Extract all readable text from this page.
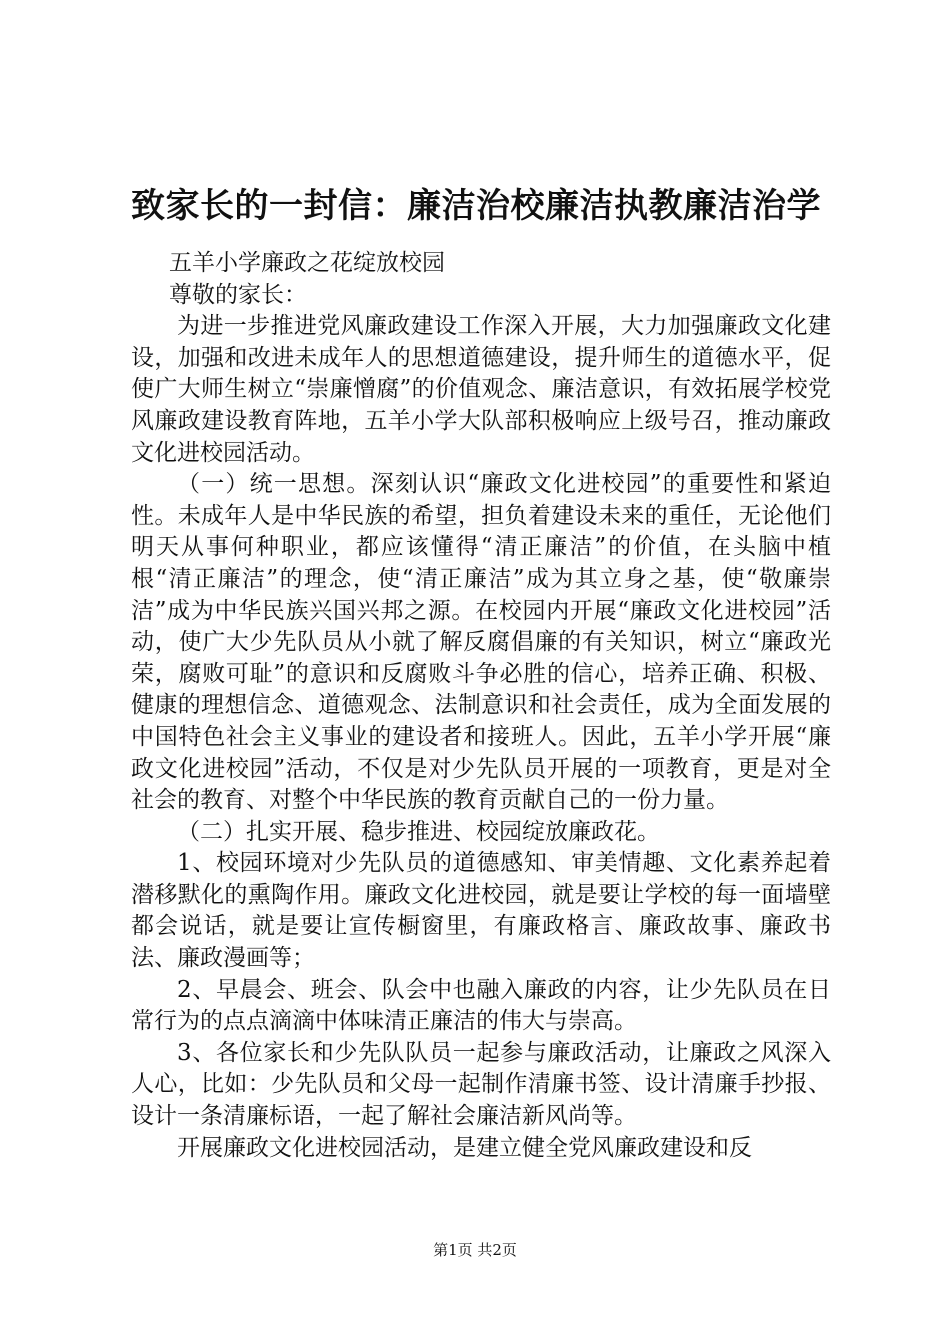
致家长的一封信：廉洁治校廉洁执教廉洁治学

五羊小学廉政之花绽放校园

尊敬的家长：

为进一步推进党风廉政建设工作深入开展，大力加强廉政文化建设，加强和改进未成年人的思想道德建设，提升师生的道德水平，促使广大师生树立“崇廉憎腐”的价值观念、廉洁意识，有效拓展学校党风廉政建设教育阵地，五羊小学大队部积极响应上级号召，推动廉政文化进校园活动。

（一）统一思想。深刻认识“廉政文化进校园”的重要性和紧迫性。未成年人是中华民族的希望，担负着建设未来的重任，无论他们明天从事何种职业，都应该懂得“清正廉洁”的价值，在头脑中植根“清正廉洁”的理念，使“清正廉洁”成为其立身之基，使“敬廉崇洁”成为中华民族兴国兴邦之源。在校园内开展“廉政文化进校园”活动，使广大少先队员从小就了解反腐倡廉的有关知识，树立“廉政光荣，腐败可耻”的意识和反腐败斗争必胜的信心，培养正确、积极、健康的理想信念、道德观念、法制意识和社会责任，成为全面发展的中国特色社会主义事业的建设者和接班人。因此，五羊小学开展“廉政文化进校园”活动，不仅是对少先队员开展的一项教育，更是对全社会的教育、对整个中华民族的教育贡献自己的一份力量。

（二）扎实开展、稳步推进、校园绽放廉政花。

1、校园环境对少先队员的道德感知、审美情趣、文化素养起着潜移默化的熏陶作用。廉政文化进校园，就是要让学校的每一面墙壁都会说话，就是要让宣传橱窗里，有廉政格言、廉政故事、廉政书法、廉政漫画等；

2、早晨会、班会、队会中也融入廉政的内容，让少先队员在日常行为的点点滴滴中体味清正廉洁的伟大与崇高。

3、各位家长和少先队队员一起参与廉政活动，让廉政之风深入人心，比如：少先队员和父母一起制作清廉书签、设计清廉手抄报、设计一条清廉标语，一起了解社会廉洁新风尚等。

开展廉政文化进校园活动，是建立健全党风廉政建设和反

第1页 共2页
